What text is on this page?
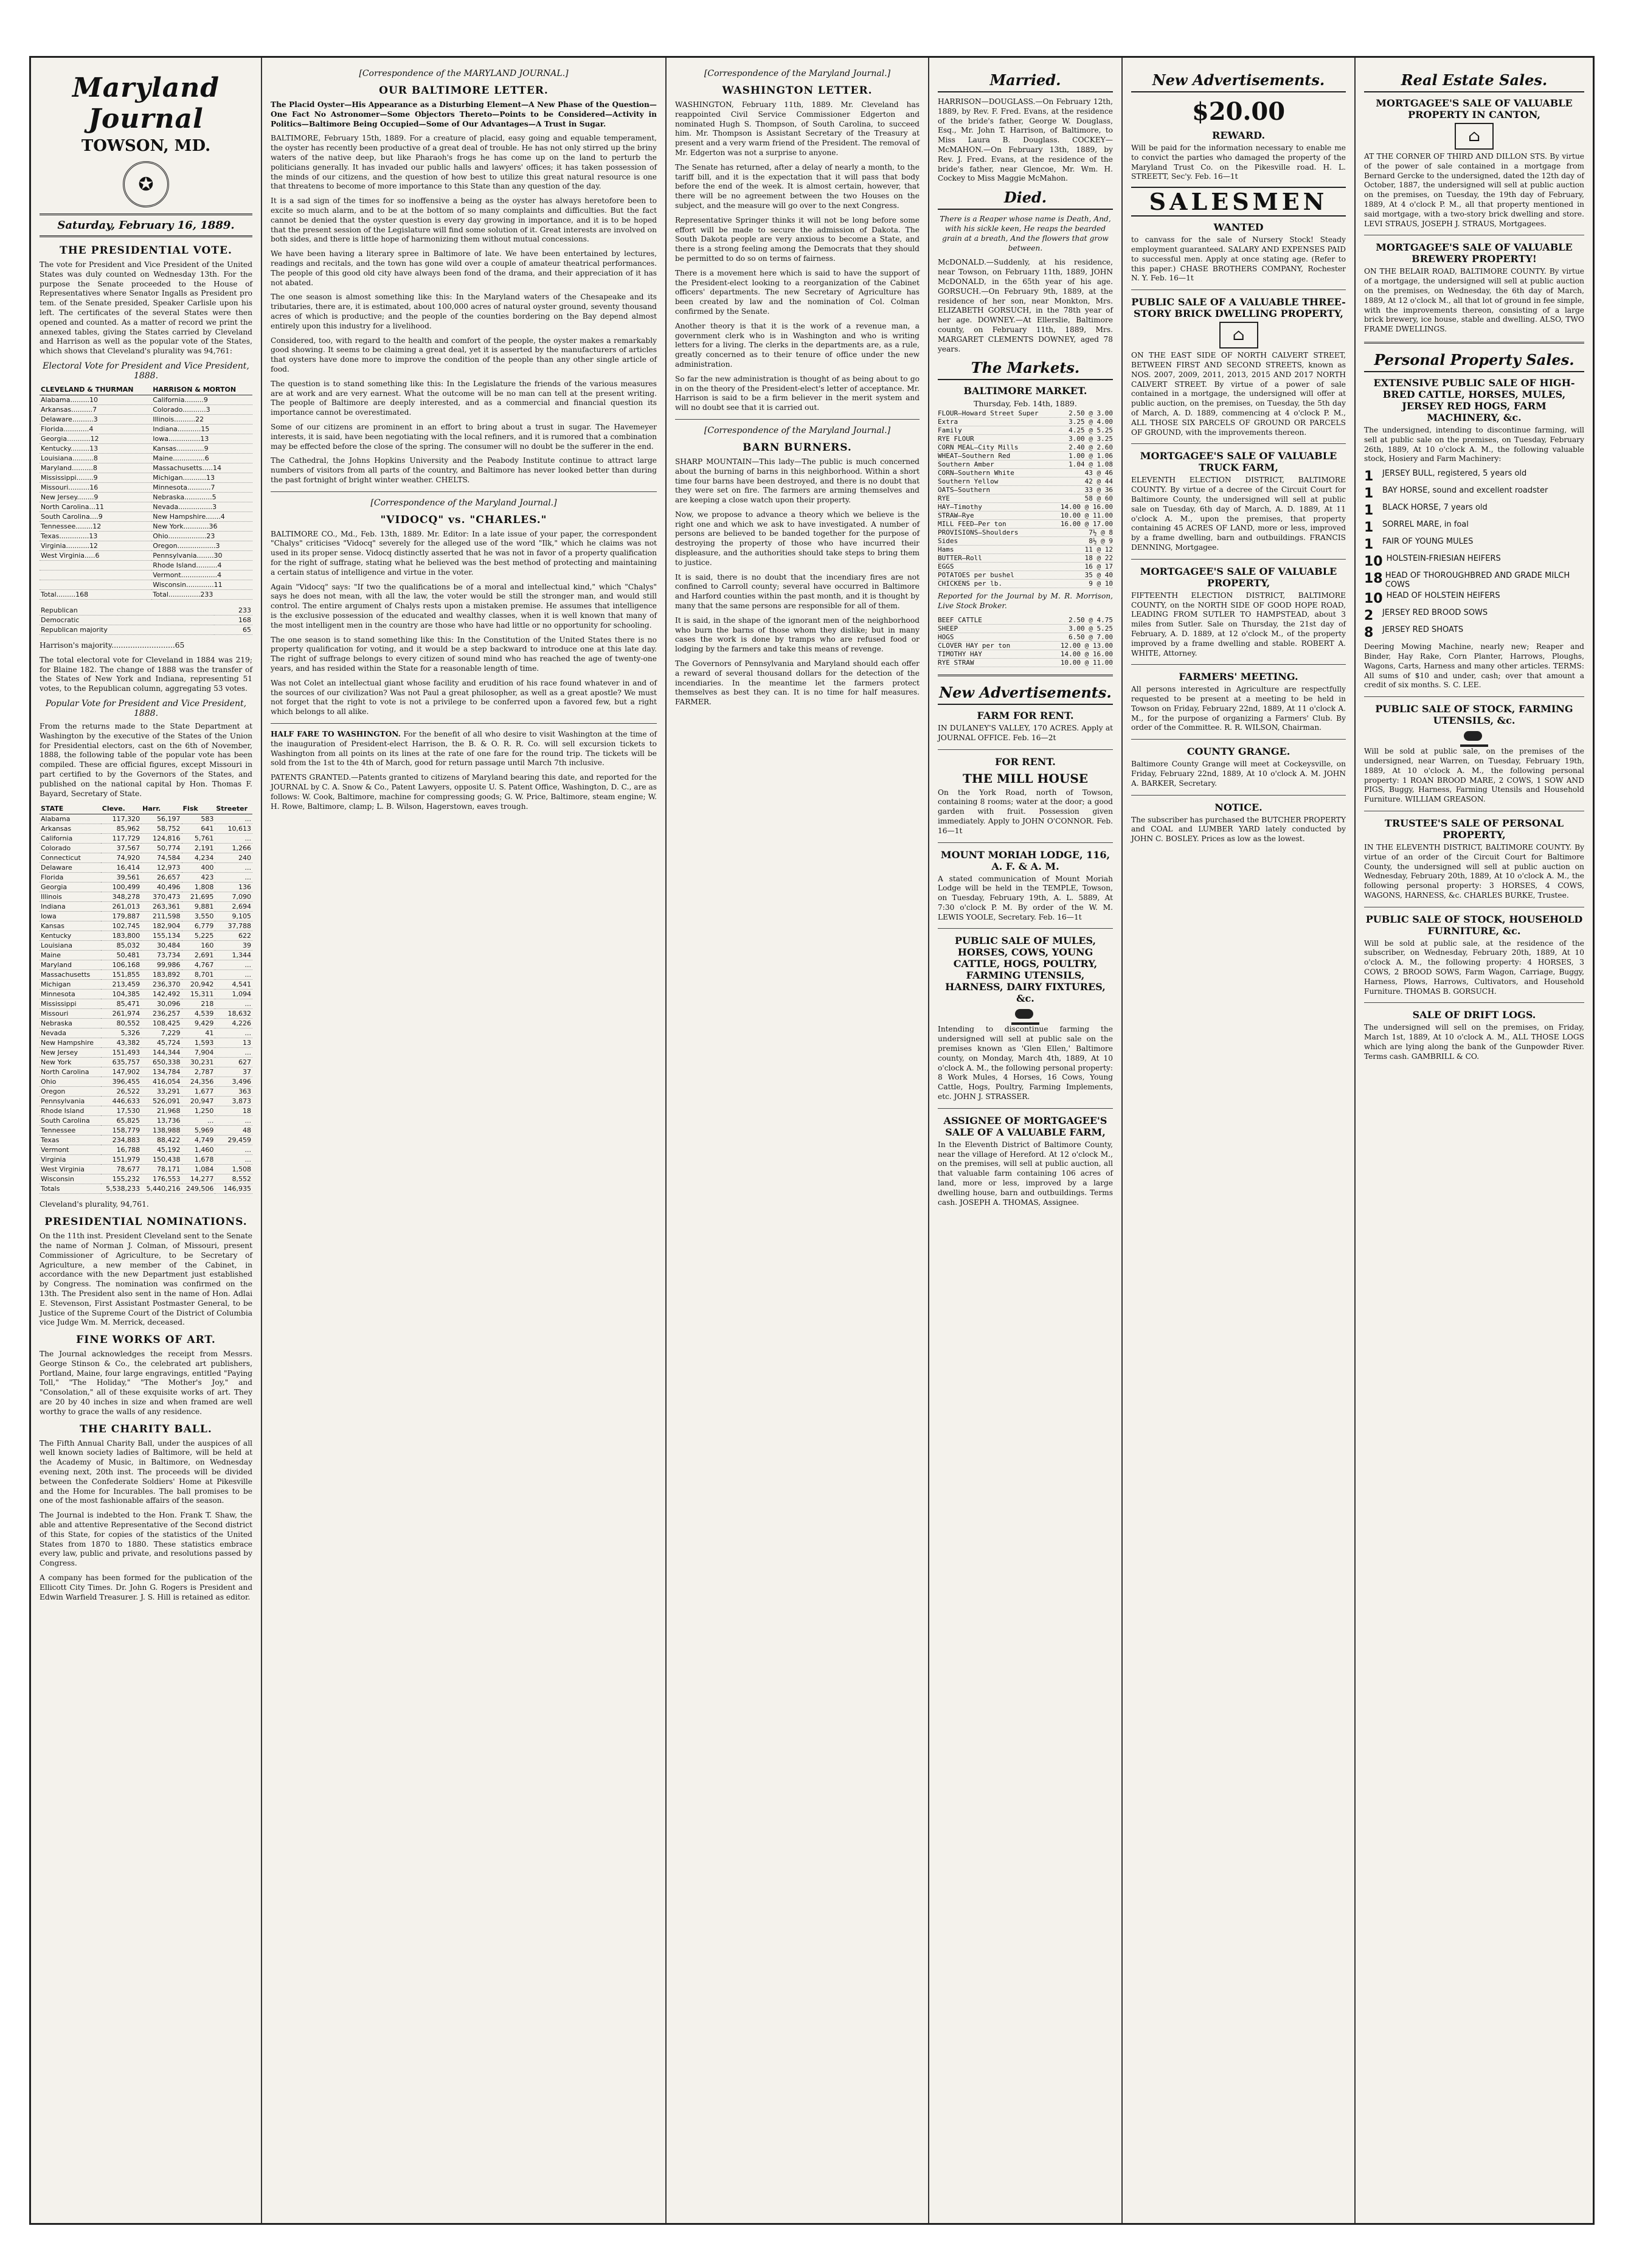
Maryland Journal
TOWSON, MD.
✪
Saturday, February 16, 1889.
THE PRESIDENTIAL VOTE.

The vote for President and Vice President of the United States was duly counted on Wednesday 13th. For the purpose the Senate proceeded to the House of Representatives where Senator Ingalls as President pro tem. of the Senate presided, Speaker Carlisle upon his left. The certificates of the several States were then opened and counted. As a matter of record we print the annexed tables, giving the States carried by Cleveland and Harrison as well as the popular vote of the States, which shows that Cleveland's plurality was 94,761:

Electoral Vote for President and Vice President, 1888.
CLEVELAND & THURMAN	HARRISON & MORTON
Alabama.........10	California.........9
Arkansas..........7	Colorado...........3
Delaware..........3	Illinois..........22
Florida............4	Indiana...........15
Georgia...........12	Iowa...............13
Kentucky.........13	Kansas.............9
Louisiana..........8	Maine...............6
Maryland..........8	Massachusetts.....14
Mississippi........9	Michigan...........13
Missouri..........16	Minnesota...........7
New Jersey........9	Nebraska.............5
North Carolina...11	Nevada................3
South Carolina....9	New Hampshire.......4
Tennessee........12	New York............36
Texas..............13	Ohio..................23
Virginia...........12	Oregon..................3
West Virginia.....6	Pennsylvania........30
	Rhode Island..........4
	Vermont.................4
	Wisconsin.............11
Total.........168	Total...............233
Republican	233
Democratic	168
Republican majority	65

Harrison's majority...........................65

The total electoral vote for Cleveland in 1884 was 219; for Blaine 182. The change of 1888 was the transfer of the States of New York and Indiana, representing 51 votes, to the Republican column, aggregating 53 votes.

Popular Vote for President and Vice President, 1888.

From the returns made to the State Department at Washington by the executive of the States of the Union for Presidential electors, cast on the 6th of November, 1888, the following table of the popular vote has been compiled. These are official figures, except Missouri in part certified to by the Governors of the States, and published on the national capital by Hon. Thomas F. Bayard, Secretary of State.

STATE	Cleve.	Harr.	Fisk	Streeter
Alabama	117,320	56,197	583	...
Arkansas	85,962	58,752	641	10,613
California	117,729	124,816	5,761	...
Colorado	37,567	50,774	2,191	1,266
Connecticut	74,920	74,584	4,234	240
Delaware	16,414	12,973	400	...
Florida	39,561	26,657	423	...
Georgia	100,499	40,496	1,808	136
Illinois	348,278	370,473	21,695	7,090
Indiana	261,013	263,361	9,881	2,694
Iowa	179,887	211,598	3,550	9,105
Kansas	102,745	182,904	6,779	37,788
Kentucky	183,800	155,134	5,225	622
Louisiana	85,032	30,484	160	39
Maine	50,481	73,734	2,691	1,344
Maryland	106,168	99,986	4,767	...
Massachusetts	151,855	183,892	8,701	...
Michigan	213,459	236,370	20,942	4,541
Minnesota	104,385	142,492	15,311	1,094
Mississippi	85,471	30,096	218	...
Missouri	261,974	236,257	4,539	18,632
Nebraska	80,552	108,425	9,429	4,226
Nevada	5,326	7,229	41	...
New Hampshire	43,382	45,724	1,593	13
New Jersey	151,493	144,344	7,904	...
New York	635,757	650,338	30,231	627
North Carolina	147,902	134,784	2,787	37
Ohio	396,455	416,054	24,356	3,496
Oregon	26,522	33,291	1,677	363
Pennsylvania	446,633	526,091	20,947	3,873
Rhode Island	17,530	21,968	1,250	18
South Carolina	65,825	13,736	...	...
Tennessee	158,779	138,988	5,969	48
Texas	234,883	88,422	4,749	29,459
Vermont	16,788	45,192	1,460	...
Virginia	151,979	150,438	1,678	...
West Virginia	78,677	78,171	1,084	1,508
Wisconsin	155,232	176,553	14,277	8,552
Totals	5,538,233	5,440,216	249,506	146,935

Cleveland's plurality, 94,761.

PRESIDENTIAL NOMINATIONS.

On the 11th inst. President Cleveland sent to the Senate the name of Norman J. Colman, of Missouri, present Commissioner of Agriculture, to be Secretary of Agriculture, a new member of the Cabinet, in accordance with the new Department just established by Congress. The nomination was confirmed on the 13th. The President also sent in the name of Hon. Adlai E. Stevenson, First Assistant Postmaster General, to be Justice of the Supreme Court of the District of Columbia vice Judge Wm. M. Merrick, deceased.

FINE WORKS OF ART.

The Journal acknowledges the receipt from Messrs. George Stinson & Co., the celebrated art publishers, Portland, Maine, four large engravings, entitled "Paying Toll," "The Holiday," "The Mother's Joy," and "Consolation," all of these exquisite works of art. They are 20 by 40 inches in size and when framed are well worthy to grace the walls of any residence.

THE CHARITY BALL.

The Fifth Annual Charity Ball, under the auspices of all well known society ladies of Baltimore, will be held at the Academy of Music, in Baltimore, on Wednesday evening next, 20th inst. The proceeds will be divided between the Confederate Soldiers' Home at Pikesville and the Home for Incurables. The ball promises to be one of the most fashionable affairs of the season.

The Journal is indebted to the Hon. Frank T. Shaw, the able and attentive Representative of the Second district of this State, for copies of the statistics of the United States from 1870 to 1880. These statistics embrace every law, public and private, and resolutions passed by Congress.

A company has been formed for the publication of the Ellicott City Times. Dr. John G. Rogers is President and Edwin Warfield Treasurer. J. S. Hill is retained as editor.

[Correspondence of the MARYLAND JOURNAL.]
OUR BALTIMORE LETTER.

The Placid Oyster—His Appearance as a Disturbing Element—A New Phase of the Question—One Fact No Astronomer—Some Objectors Thereto—Points to be Considered—Activity in Politics—Baltimore Being Occupied—Some of Our Advantages—A Trust in Sugar.

BALTIMORE, February 15th, 1889. For a creature of placid, easy going and equable temperament, the oyster has recently been productive of a great deal of trouble. He has not only stirred up the briny waters of the native deep, but like Pharaoh's frogs he has come up on the land to perturb the politicians generally. It has invaded our public halls and lawyers' offices; it has taken possession of the minds of our citizens, and the question of how best to utilize this great natural resource is one that threatens to become of more importance to this State than any question of the day.

It is a sad sign of the times for so inoffensive a being as the oyster has always heretofore been to excite so much alarm, and to be at the bottom of so many complaints and difficulties. But the fact cannot be denied that the oyster question is every day growing in importance, and it is to be hoped that the present session of the Legislature will find some solution of it. Great interests are involved on both sides, and there is little hope of harmonizing them without mutual concessions.

We have been having a literary spree in Baltimore of late. We have been entertained by lectures, readings and recitals, and the town has gone wild over a couple of amateur theatrical performances. The people of this good old city have always been fond of the drama, and their appreciation of it has not abated.

The one season is almost something like this: In the Maryland waters of the Chesapeake and its tributaries, there are, it is estimated, about 100,000 acres of natural oyster ground, seventy thousand acres of which is productive; and the people of the counties bordering on the Bay depend almost entirely upon this industry for a livelihood.

Considered, too, with regard to the health and comfort of the people, the oyster makes a remarkably good showing. It seems to be claiming a great deal, yet it is asserted by the manufacturers of articles that oysters have done more to improve the condition of the people than any other single article of food.

The question is to stand something like this: In the Legislature the friends of the various measures are at work and are very earnest. What the outcome will be no man can tell at the present writing. The people of Baltimore are deeply interested, and as a commercial and financial question its importance cannot be overestimated.

Some of our citizens are prominent in an effort to bring about a trust in sugar. The Havemeyer interests, it is said, have been negotiating with the local refiners, and it is rumored that a combination may be effected before the close of the spring. The consumer will no doubt be the sufferer in the end.

The Cathedral, the Johns Hopkins University and the Peabody Institute continue to attract large numbers of visitors from all parts of the country, and Baltimore has never looked better than during the past fortnight of bright winter weather. CHELTS.

[Correspondence of the Maryland Journal.]
"VIDOCQ" vs. "CHARLES."

BALTIMORE CO., Md., Feb. 13th, 1889. Mr. Editor: In a late issue of your paper, the correspondent "Chalys" criticises "Vidocq" severely for the alleged use of the word "Ilk," which he claims was not used in its proper sense. Vidocq distinctly asserted that he was not in favor of a property qualification for the right of suffrage, stating what he believed was the best method of protecting and maintaining a certain status of intelligence and virtue in the voter.

Again "Vidocq" says: "If two the qualifications be of a moral and intellectual kind," which "Chalys" says he does not mean, with all the law, the voter would be still the stronger man, and would still control. The entire argument of Chalys rests upon a mistaken premise. He assumes that intelligence is the exclusive possession of the educated and wealthy classes, when it is well known that many of the most intelligent men in the country are those who have had little or no opportunity for schooling.

The one season is to stand something like this: In the Constitution of the United States there is no property qualification for voting, and it would be a step backward to introduce one at this late day. The right of suffrage belongs to every citizen of sound mind who has reached the age of twenty-one years, and has resided within the State for a reasonable length of time.

Was not Colet an intellectual giant whose facility and erudition of his race found whatever in and of the sources of our civilization? Was not Paul a great philosopher, as well as a great apostle? We must not forget that the right to vote is not a privilege to be conferred upon a favored few, but a right which belongs to all alike.

HALF FARE TO WASHINGTON. For the benefit of all who desire to visit Washington at the time of the inauguration of President-elect Harrison, the B. & O. R. R. Co. will sell excursion tickets to Washington from all points on its lines at the rate of one fare for the round trip. The tickets will be sold from the 1st to the 4th of March, good for return passage until March 7th inclusive.

PATENTS GRANTED.—Patents granted to citizens of Maryland bearing this date, and reported for the JOURNAL by C. A. Snow & Co., Patent Lawyers, opposite U. S. Patent Office, Washington, D. C., are as follows: W. Cook, Baltimore, machine for compressing goods; G. W. Price, Baltimore, steam engine; W. H. Rowe, Baltimore, clamp; L. B. Wilson, Hagerstown, eaves trough.

[Correspondence of the Maryland Journal.]
WASHINGTON LETTER.

WASHINGTON, February 11th, 1889. Mr. Cleveland has reappointed Civil Service Commissioner Edgerton and nominated Hugh S. Thompson, of South Carolina, to succeed him. Mr. Thompson is Assistant Secretary of the Treasury at present and a very warm friend of the President. The removal of Mr. Edgerton was not a surprise to anyone.

The Senate has returned, after a delay of nearly a month, to the tariff bill, and it is the expectation that it will pass that body before the end of the week. It is almost certain, however, that there will be no agreement between the two Houses on the subject, and the measure will go over to the next Congress.

Representative Springer thinks it will not be long before some effort will be made to secure the admission of Dakota. The South Dakota people are very anxious to become a State, and there is a strong feeling among the Democrats that they should be permitted to do so on terms of fairness.

There is a movement here which is said to have the support of the President-elect looking to a reorganization of the Cabinet officers' departments. The new Secretary of Agriculture has been created by law and the nomination of Col. Colman confirmed by the Senate.

Another theory is that it is the work of a revenue man, a government clerk who is in Washington and who is writing letters for a living. The clerks in the departments are, as a rule, greatly concerned as to their tenure of office under the new administration.

So far the new administration is thought of as being about to go in on the theory of the President-elect's letter of acceptance. Mr. Harrison is said to be a firm believer in the merit system and will no doubt see that it is carried out.

[Correspondence of the Maryland Journal.]
BARN BURNERS.

SHARP MOUNTAIN—This lady—The public is much concerned about the burning of barns in this neighborhood. Within a short time four barns have been destroyed, and there is no doubt that they were set on fire. The farmers are arming themselves and are keeping a close watch upon their property.

Now, we propose to advance a theory which we believe is the right one and which we ask to have investigated. A number of persons are believed to be banded together for the purpose of destroying the property of those who have incurred their displeasure, and the authorities should take steps to bring them to justice.

It is said, there is no doubt that the incendiary fires are not confined to Carroll county; several have occurred in Baltimore and Harford counties within the past month, and it is thought by many that the same persons are responsible for all of them.

It is said, in the shape of the ignorant men of the neighborhood who burn the barns of those whom they dislike; but in many cases the work is done by tramps who are refused food or lodging by the farmers and take this means of revenge.

The Governors of Pennsylvania and Maryland should each offer a reward of several thousand dollars for the detection of the incendiaries. In the meantime let the farmers protect themselves as best they can. It is no time for half measures. FARMER.

Married.

HARRISON—DOUGLASS.—On February 12th, 1889, by Rev. F. Fred. Evans, at the residence of the bride's father, George W. Douglass, Esq., Mr. John T. Harrison, of Baltimore, to Miss Laura B. Douglass. COCKEY—McMAHON.—On February 13th, 1889, by Rev. J. Fred. Evans, at the residence of the bride's father, near Glencoe, Mr. Wm. H. Cockey to Miss Maggie McMahon.

Died.

There is a Reaper whose name is Death, And, with his sickle keen, He reaps the bearded grain at a breath, And the flowers that grow between.

McDONALD.—Suddenly, at his residence, near Towson, on February 11th, 1889, JOHN McDONALD, in the 65th year of his age. GORSUCH.—On February 9th, 1889, at the residence of her son, near Monkton, Mrs. ELIZABETH GORSUCH, in the 78th year of her age. DOWNEY.—At Ellerslie, Baltimore county, on February 11th, 1889, Mrs. MARGARET CLEMENTS DOWNEY, aged 78 years.

The Markets.
BALTIMORE MARKET.
Thursday, Feb. 14th, 1889.
FLOUR—Howard Street Super	2.50 @ 3.00
Extra	3.25 @ 4.00
Family	4.25 @ 5.25
RYE FLOUR	3.00 @ 3.25
CORN MEAL—City Mills	2.40 @ 2.60
WHEAT—Southern Red	1.00 @ 1.06
Southern Amber	1.04 @ 1.08
CORN—Southern White	43 @ 46
Southern Yellow	42 @ 44
OATS—Southern	33 @ 36
RYE	58 @ 60
HAY—Timothy	14.00 @ 16.00
STRAW—Rye	10.00 @ 11.00
MILL FEED—Per ton	16.00 @ 17.00
PROVISIONS—Shoulders	7½ @ 8
Sides	8½ @ 9
Hams	11 @ 12
BUTTER—Roll	18 @ 22
EGGS	16 @ 17
POTATOES per bushel	35 @ 40
CHICKENS per lb.	9 @ 10

Reported for the Journal by M. R. Morrison, Live Stock Broker.

BEEF CATTLE	2.50 @ 4.75
SHEEP	3.00 @ 5.25
HOGS	6.50 @ 7.00
CLOVER HAY per ton	12.00 @ 13.00
TIMOTHY HAY	14.00 @ 16.00
RYE STRAW	10.00 @ 11.00
New Advertisements.
FARM FOR RENT.

IN DULANEY'S VALLEY, 170 ACRES. Apply at JOURNAL OFFICE. Feb. 16—2t

FOR RENT.
THE MILL HOUSE

On the York Road, north of Towson, containing 8 rooms; water at the door; a good garden with fruit. Possession given immediately. Apply to JOHN O'CONNOR. Feb. 16—1t

MOUNT MORIAH LODGE, 116, A. F. & A. M.

A stated communication of Mount Moriah Lodge will be held in the TEMPLE, Towson, on Tuesday, February 19th, A. L. 5889, At 7:30 o'clock P. M. By order of the W. M. LEWIS YOOLE, Secretary. Feb. 16—1t

PUBLIC SALE OF MULES, HORSES, COWS, YOUNG CATTLE, HOGS, POULTRY, FARMING UTENSILS, HARNESS, DAIRY FIXTURES, &c.

Intending to discontinue farming the undersigned will sell at public sale on the premises known as 'Glen Ellen,' Baltimore county, on Monday, March 4th, 1889, At 10 o'clock A. M., the following personal property: 8 Work Mules, 4 Horses, 16 Cows, Young Cattle, Hogs, Poultry, Farming Implements, etc. JOHN J. STRASSER.

ASSIGNEE OF MORTGAGEE'S SALE OF A VALUABLE FARM,

In the Eleventh District of Baltimore County, near the village of Hereford. At 12 o'clock M., on the premises, will sell at public auction, all that valuable farm containing 106 acres of land, more or less, improved by a large dwelling house, barn and outbuildings. Terms cash. JOSEPH A. THOMAS, Assignee.

New Advertisements.
$20.00
REWARD.

Will be paid for the information necessary to enable me to convict the parties who damaged the property of the Maryland Trust Co. on the Pikesville road. H. L. STREETT, Sec'y. Feb. 16—1t

SALESMEN
WANTED

to canvass for the sale of Nursery Stock! Steady employment guaranteed. SALARY AND EXPENSES PAID to successful men. Apply at once stating age. (Refer to this paper.) CHASE BROTHERS COMPANY, Rochester N. Y. Feb. 16—1t

PUBLIC SALE OF A VALUABLE THREE-STORY BRICK DWELLING PROPERTY,
⌂

ON THE EAST SIDE OF NORTH CALVERT STREET, BETWEEN FIRST AND SECOND STREETS, known as NOS. 2007, 2009, 2011, 2013, 2015 AND 2017 NORTH CALVERT STREET. By virtue of a power of sale contained in a mortgage, the undersigned will offer at public auction, on the premises, on Tuesday, the 5th day of March, A. D. 1889, commencing at 4 o'clock P. M., ALL THOSE SIX PARCELS OF GROUND OR PARCELS OF GROUND, with the improvements thereon.

MORTGAGEE'S SALE OF VALUABLE TRUCK FARM,

ELEVENTH ELECTION DISTRICT, BALTIMORE COUNTY. By virtue of a decree of the Circuit Court for Baltimore County, the undersigned will sell at public sale on Tuesday, 6th day of March, A. D. 1889, At 11 o'clock A. M., upon the premises, that property containing 45 ACRES OF LAND, more or less, improved by a frame dwelling, barn and outbuildings. FRANCIS DENNING, Mortgagee.

MORTGAGEE'S SALE OF VALUABLE PROPERTY,

FIFTEENTH ELECTION DISTRICT, BALTIMORE COUNTY, on the NORTH SIDE OF GOOD HOPE ROAD, LEADING FROM SUTLER TO HAMPSTEAD, about 3 miles from Sutler. Sale on Thursday, the 21st day of February, A. D. 1889, at 12 o'clock M., of the property improved by a frame dwelling and stable. ROBERT A. WHITE, Attorney.

FARMERS' MEETING.

All persons interested in Agriculture are respectfully requested to be present at a meeting to be held in Towson on Friday, February 22nd, 1889, At 11 o'clock A. M., for the purpose of organizing a Farmers' Club. By order of the Committee. R. R. WILSON, Chairman.

COUNTY GRANGE.

Baltimore County Grange will meet at Cockeysville, on Friday, February 22nd, 1889, At 10 o'clock A. M. JOHN A. BARKER, Secretary.

NOTICE.

The subscriber has purchased the BUTCHER PROPERTY and COAL and LUMBER YARD lately conducted by JOHN C. BOSLEY. Prices as low as the lowest.

Real Estate Sales.
MORTGAGEE'S SALE OF VALUABLE PROPERTY IN CANTON,
⌂

AT THE CORNER OF THIRD AND DILLON STS. By virtue of the power of sale contained in a mortgage from Bernard Gercke to the undersigned, dated the 12th day of October, 1887, the undersigned will sell at public auction on the premises, on Tuesday, the 19th day of February, 1889, At 4 o'clock P. M., all that property mentioned in said mortgage, with a two-story brick dwelling and store. LEVI STRAUS, JOSEPH J. STRAUS, Mortgagees.

MORTGAGEE'S SALE OF VALUABLE BREWERY PROPERTY!

ON THE BELAIR ROAD, BALTIMORE COUNTY. By virtue of a mortgage, the undersigned will sell at public auction on the premises, on Wednesday, the 6th day of March, 1889, At 12 o'clock M., all that lot of ground in fee simple, with the improvements thereon, consisting of a large brick brewery, ice house, stable and dwelling. ALSO, TWO FRAME DWELLINGS.

Personal Property Sales.
EXTENSIVE PUBLIC SALE OF HIGH-BRED CATTLE, HORSES, MULES, JERSEY RED HOGS, FARM MACHINERY, &c.

The undersigned, intending to discontinue farming, will sell at public sale on the premises, on Tuesday, February 26th, 1889, At 10 o'clock A. M., the following valuable stock, Hosiery and Farm Machinery:

1	JERSEY BULL, registered, 5 years old
1	BAY HORSE, sound and excellent roadster
1	BLACK HORSE, 7 years old
1	SORREL MARE, in foal
1	FAIR OF YOUNG MULES
10 HOLSTEIN-FRIESIAN HEIFERS
18 HEAD OF THOROUGHBRED AND GRADE MILCH COWS
10 HEAD OF HOLSTEIN HEIFERS
2	JERSEY RED BROOD SOWS
8	JERSEY RED SHOATS

Deering Mowing Machine, nearly new; Reaper and Binder, Hay Rake, Corn Planter, Harrows, Ploughs, Wagons, Carts, Harness and many other articles. TERMS: All sums of $10 and under, cash; over that amount a credit of six months. S. C. LEE.

PUBLIC SALE OF STOCK, FARMING UTENSILS, &c.

Will be sold at public sale, on the premises of the undersigned, near Warren, on Tuesday, February 19th, 1889, At 10 o'clock A. M., the following personal property: 1 ROAN BROOD MARE, 2 COWS, 1 SOW AND PIGS, Buggy, Harness, Farming Utensils and Household Furniture. WILLIAM GREASON.

TRUSTEE'S SALE OF PERSONAL PROPERTY,

IN THE ELEVENTH DISTRICT, BALTIMORE COUNTY. By virtue of an order of the Circuit Court for Baltimore County, the undersigned will sell at public auction on Wednesday, February 20th, 1889, At 10 o'clock A. M., the following personal property: 3 HORSES, 4 COWS, WAGONS, HARNESS, &c. CHARLES BURKE, Trustee.

PUBLIC SALE OF STOCK, HOUSEHOLD FURNITURE, &c.

Will be sold at public sale, at the residence of the subscriber, on Wednesday, February 20th, 1889, At 10 o'clock A. M., the following property: 4 HORSES, 3 COWS, 2 BROOD SOWS, Farm Wagon, Carriage, Buggy, Harness, Plows, Harrows, Cultivators, and Household Furniture. THOMAS B. GORSUCH.

SALE OF DRIFT LOGS.

The undersigned will sell on the premises, on Friday, March 1st, 1889, At 10 o'clock A. M., ALL THOSE LOGS which are lying along the bank of the Gunpowder River. Terms cash. GAMBRILL & CO.
